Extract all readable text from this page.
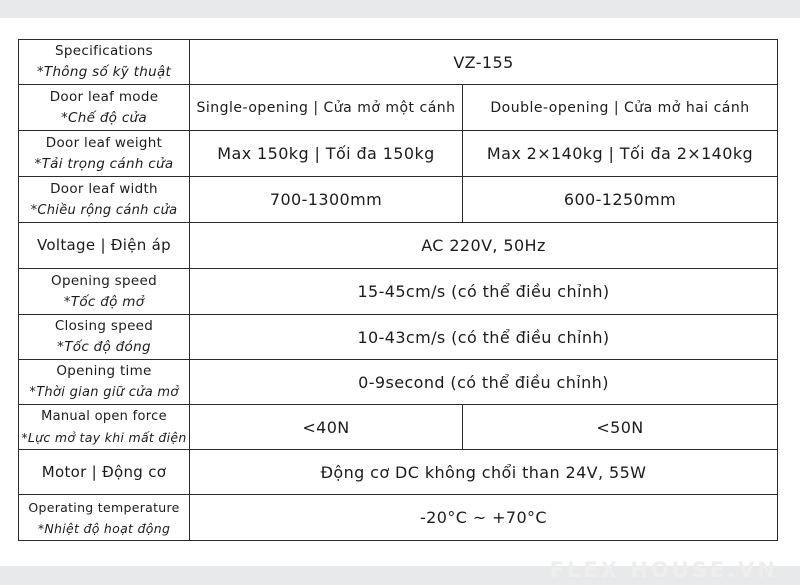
Specifications
*Thông số kỹ thuật	VZ-155	

Door leaf mode
*Chế độ cửa	Single-opening | Cửa mở một cánh	Double-opening | Cửa mở hai cánh

Door leaf weight
*Tải trọng cánh cửa	Max 150kg | Tối đa 150kg	Max 2×140kg | Tối đa 2×140kg

Door leaf width
*Chiều rộng cánh cửa	700-1300mm	600-1250mm

Voltage | Điện áp	AC 220V, 50Hz	

Opening speed
*Tốc độ mở	15-45cm/s (có thể điều chỉnh)	

Closing speed
*Tốc độ đóng	10-43cm/s (có thể điều chỉnh)	

Opening time
*Thời gian giữ cửa mở	0-9second (có thể điều chỉnh)	

Manual open force
*Lực mở tay khi mất điện	<40N	<50N

Motor | Động cơ	Động cơ DC không chổi than 24V, 55W	

Operating temperature
*Nhiệt độ hoạt động	-20°C ~ +70°C	
FLEX HOUSE.VN
